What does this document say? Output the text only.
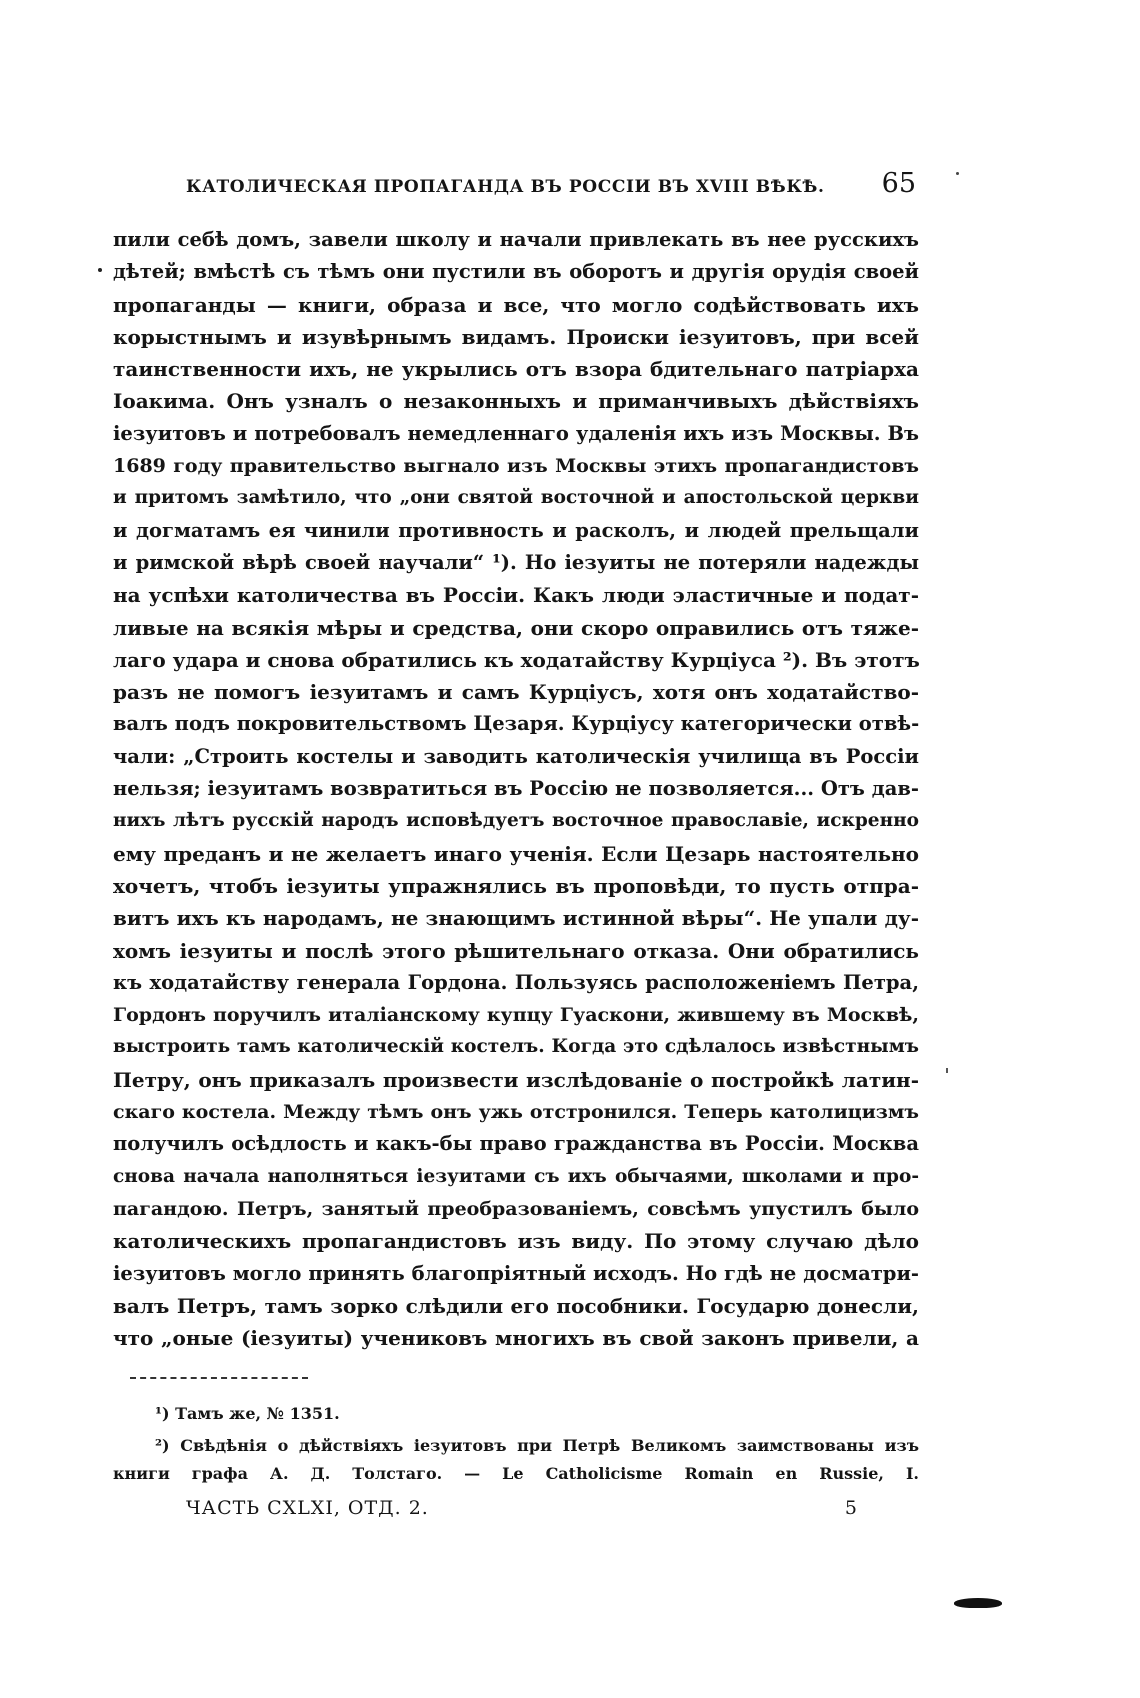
КАТОЛИЧЕСКАЯ ПРОПАГАНДА ВЪ РОССІИ ВЪ XVIII ВѢКѢ. 65
пили себѣ домъ, завели школу и начали привлекать въ нее русскихъ
дѣтей; вмѣстѣ съ тѣмъ они пустили въ оборотъ и другія орудія своей
пропаганды — книги, образа и все, что могло содѣйствовать ихъ
корыстнымъ и изувѣрнымъ видамъ. Происки іезуитовъ, при всей
таинственности ихъ, не укрылись отъ взора бдительнаго патріарха
Іоакима. Онъ узналъ о незаконныхъ и приманчивыхъ дѣйствіяхъ
іезуитовъ и потребовалъ немедленнаго удаленія ихъ изъ Москвы. Въ
1689 году правительство выгнало изъ Москвы этихъ пропагандистовъ
и притомъ замѣтило, что „они святой восточной и апостольской церкви
и догматамъ ея чинили противность и расколъ, и людей прельщали
и римской вѣрѣ своей научали“ ¹). Но іезуиты не потеряли надежды
на успѣхи католичества въ Россіи. Какъ люди эластичные и подат-
ливые на всякія мѣры и средства, они скоро оправились отъ тяже-
лаго удара и снова обратились къ ходатайству Курціуса ²). Въ этотъ
разъ не помогъ іезуитамъ и самъ Курціусъ, хотя онъ ходатайство-
валъ подъ покровительствомъ Цезаря. Курціусу категорически отвѣ-
чали: „Строить костелы и заводить католическія училища въ Россіи
нельзя; іезуитамъ возвратиться въ Россію не позволяется... Отъ дав-
нихъ лѣтъ русскій народъ исповѣдуетъ восточное православіе, искренно
ему преданъ и не желаетъ инаго ученія. Если Цезарь настоятельно
хочетъ, чтобъ іезуиты упражнялись въ проповѣди, то пусть отпра-
витъ ихъ къ народамъ, не знающимъ истинной вѣры“. Не упали ду-
хомъ іезуиты и послѣ этого рѣшительнаго отказа. Они обратились
къ ходатайству генерала Гордона. Пользуясь расположеніемъ Петра,
Гордонъ поручилъ италіанскому купцу Гуаскони, жившему въ Москвѣ,
выстроить тамъ католическій костелъ. Когда это сдѣлалось извѣстнымъ
Петру, онъ приказалъ произвести изслѣдованіе о постройкѣ латин-
скаго костела. Между тѣмъ онъ ужь отстронился. Теперь католицизмъ
получилъ осѣдлость и какъ-бы право гражданства въ Россіи. Москва
снова начала наполняться іезуитами съ ихъ обычаями, школами и про-
пагандою. Петръ, занятый преобразованіемъ, совсѣмъ упустилъ было
католическихъ пропагандистовъ изъ виду. По этому случаю дѣло
іезуитовъ могло принять благопріятный исходъ. Но гдѣ не досматри-
валъ Петръ, тамъ зорко слѣдили его пособники. Государю донесли,
что „оные (іезуиты) учениковъ многихъ въ свой законъ привели, а
¹) Тамъ же, № 1351.
²) Свѣдѣнія о дѣйствіяхъ іезуитовъ при Петрѣ Великомъ заимствованы изъ
книги графа А. Д. Толстаго. — Le Catholicisme Romain en Russie, I.
ЧАСТЬ CXLXI, ОТД. 2.	5
